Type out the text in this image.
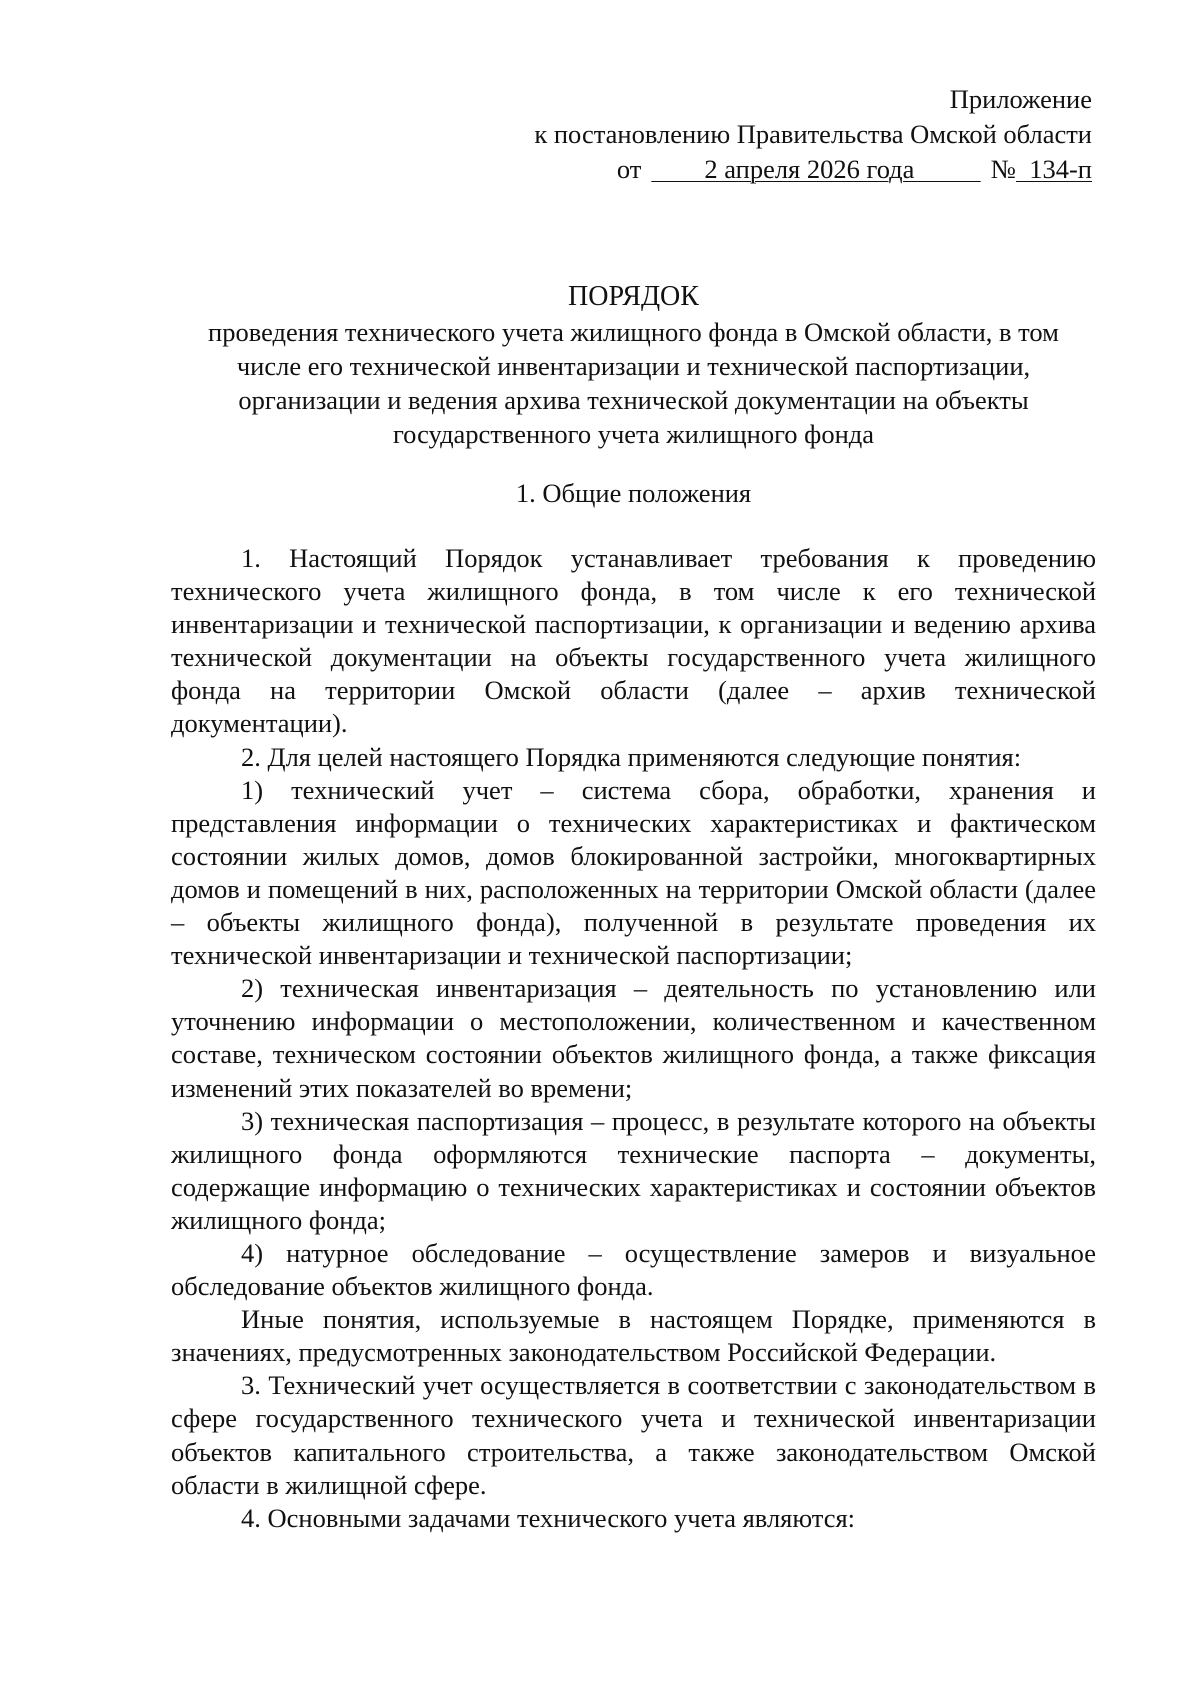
Приложение
к постановлению Правительства Омской области
от 2 апреля 2026 года № 134-п
ПОРЯДОК
проведения технического учета жилищного фонда в Омской области, в том
числе его технической инвентаризации и технической паспортизации,
организации и ведения архива технической документации на объекты
государственного учета жилищного фонда
1. Общие положения

1. Настоящий Порядок устанавливает требования к проведению технического учета жилищного фонда, в том числе к его технической инвентаризации и технической паспортизации, к организации и ведению архива технической документации на объекты государственного учета жилищного фонда на территории Омской области (далее – архив технической документации).

2. Для целей настоящего Порядка применяются следующие понятия:

1) технический учет – система сбора, обработки, хранения и представления информации о технических характеристиках и фактическом состоянии жилых домов, домов блокированной застройки, многоквартирных домов и помещений в них, расположенных на территории Омской области (далее – объекты жилищного фонда), полученной в результате проведения их технической инвентаризации и технической паспортизации;

2) техническая инвентаризация – деятельность по установлению или уточнению информации о местоположении, количественном и качественном составе, техническом состоянии объектов жилищного фонда, а также фиксация изменений этих показателей во времени;

3) техническая паспортизация – процесс, в результате которого на объекты жилищного фонда оформляются технические паспорта – документы, содержащие информацию о технических характеристиках и состоянии объектов жилищного фонда;

4) натурное обследование – осуществление замеров и визуальное обследование объектов жилищного фонда.

Иные понятия, используемые в настоящем Порядке, применяются в значениях, предусмотренных законодательством Российской Федерации.

3. Технический учет осуществляется в соответствии с законодательством в сфере государственного технического учета и технической инвентаризации объектов капитального строительства, а также законодательством Омской области в жилищной сфере.

4. Основными задачами технического учета являются:
